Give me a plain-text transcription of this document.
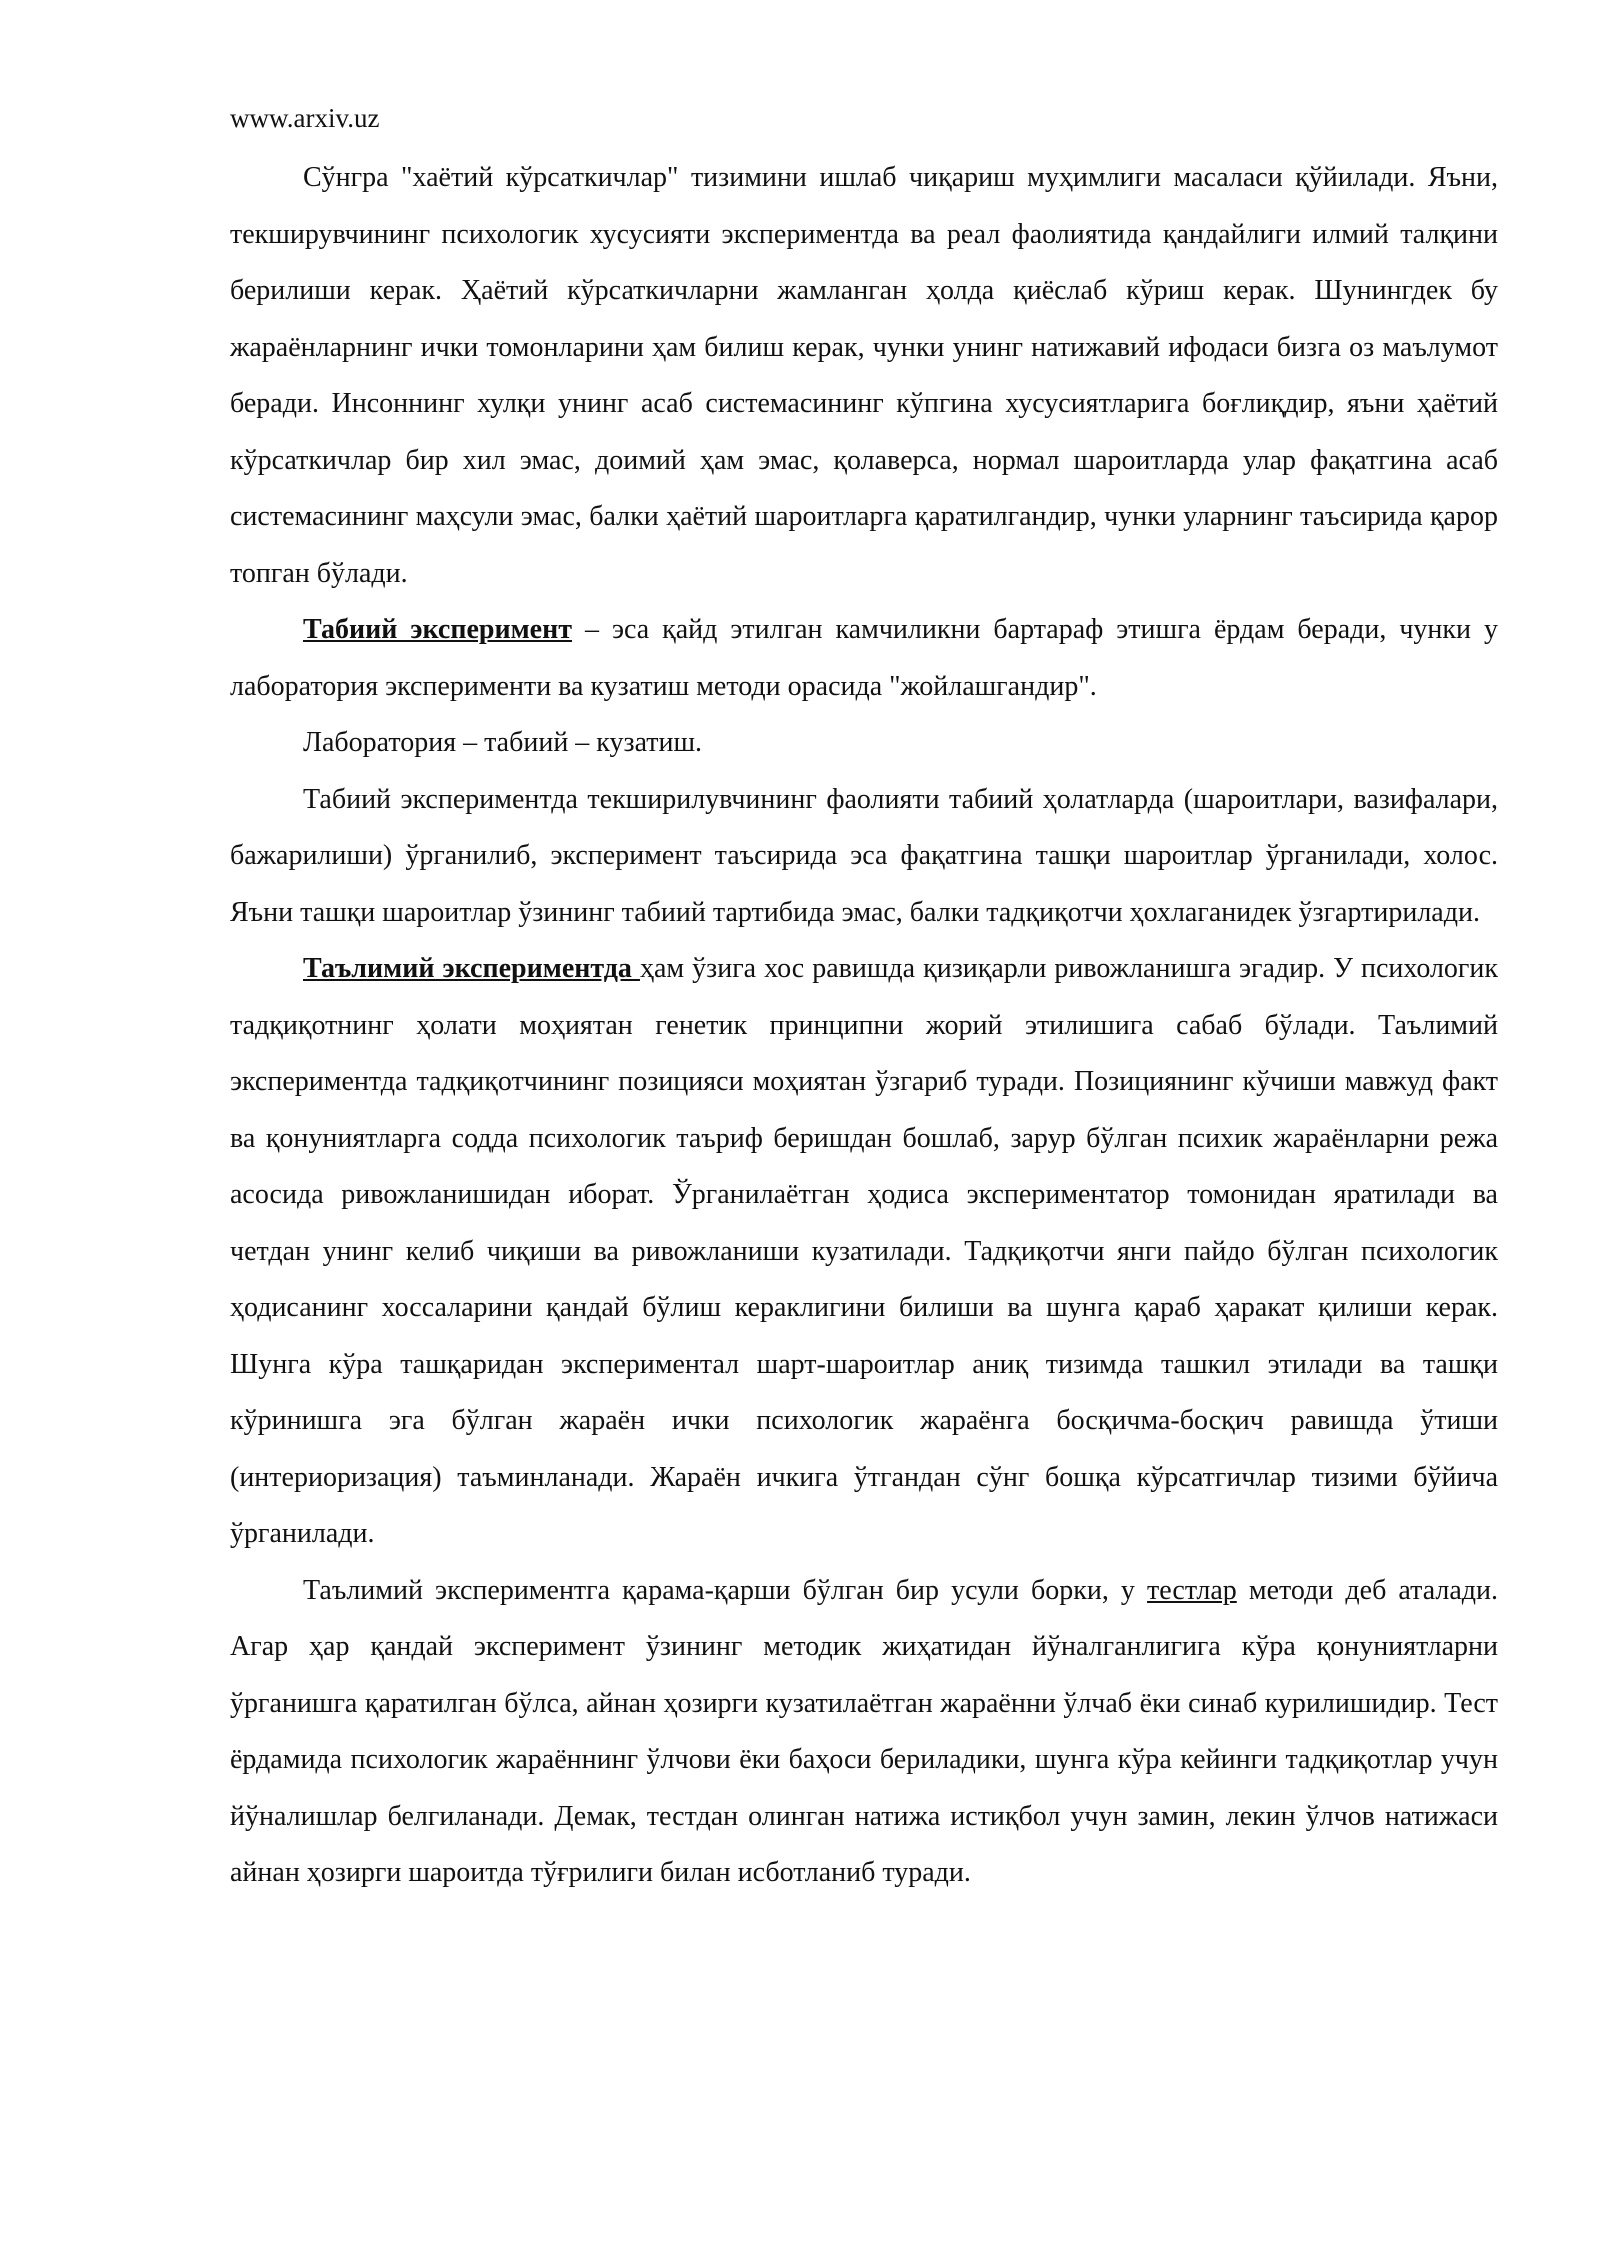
www.arxiv.uz

Сўнгра "хаётий кўрсаткичлар" тизимини ишлаб чиқариш муҳимлиги масаласи қўйилади. Яъни, текширувчининг психологик хусусияти экспериментда ва реал фаолиятида қандайлиги илмий талқини берилиши керак. Ҳаётий кўрсаткичларни жамланган ҳолда қиёслаб кўриш керак. Шунингдек бу жараёнларнинг ички томонларини ҳам билиш керак, чунки унинг натижавий ифодаси бизга оз маълумот беради. Инсоннинг хулқи унинг асаб системасининг кўпгина хусусиятларига боғлиқдир, яъни ҳаётий кўрсаткичлар бир хил эмас, доимий ҳам эмас, қолаверса, нормал шароитларда улар фақатгина асаб системасининг маҳсули эмас, балки ҳаётий шароитларга қаратилгандир, чунки уларнинг таъсирида қарор топган бўлади.

Табиий эксперимент – эса қайд этилган камчиликни бартараф этишга ёрдам беради, чунки у лаборатория эксперименти ва кузатиш методи орасида "жойлашгандир".

Лаборатория – табиий – кузатиш.

Табиий экспериментда текширилувчининг фаолияти табиий ҳолатларда (шароитлари, вазифалари, бажарилиши) ўрганилиб, эксперимент таъсирида эса фақатгина ташқи шароитлар ўрганилади, холос. Яъни ташқи шароитлар ўзининг табиий тартибида эмас, балки тадқиқотчи ҳохлаганидек ўзгартирилади.

Таълимий экспериментда ҳам ўзига хос равишда қизиқарли ривожланишга эгадир. У психологик тадқиқотнинг ҳолати моҳиятан генетик принципни жорий этилишига сабаб бўлади. Таълимий экспериментда тадқиқотчининг позицияси моҳиятан ўзгариб туради. Позициянинг кўчиши мавжуд факт ва қонуниятларга содда психологик таъриф беришдан бошлаб, зарур бўлган психик жараёнларни режа асосида ривожланишидан иборат. Ўрганилаётган ҳодиса экспериментатор томонидан яратилади ва четдан унинг келиб чиқиши ва ривожланиши кузатилади. Тадқиқотчи янги пайдо бўлган психологик ҳодисанинг хоссаларини қандай бўлиш кераклигини билиши ва шунга қараб ҳаракат қилиши керак. Шунга кўра ташқаридан экспериментал шарт-шароитлар аниқ тизимда ташкил этилади ва ташқи кўринишга эга бўлган жараён ички психологик жараёнга босқичма-босқич равишда ўтиши (интериоризация) таъминланади. Жараён ичкига ўтгандан сўнг бошқа кўрсатгичлар тизими бўйича ўрганилади.

Таълимий экспериментга қарама-қарши бўлган бир усули борки, у тестлар методи деб аталади. Агар ҳар қандай эксперимент ўзининг методик жиҳатидан йўналганлигига кўра қонуниятларни ўрганишга қаратилган бўлса, айнан ҳозирги кузатилаётган жараённи ўлчаб ёки синаб курилишидир. Тест ёрдамида психологик жараённинг ўлчови ёки баҳоси бериладики, шунга кўра кейинги тадқиқотлар учун йўналишлар белгиланади. Демак, тестдан олинган натижа истиқбол учун замин, лекин ўлчов натижаси айнан ҳозирги шароитда тўғрилиги билан исботланиб туради.
